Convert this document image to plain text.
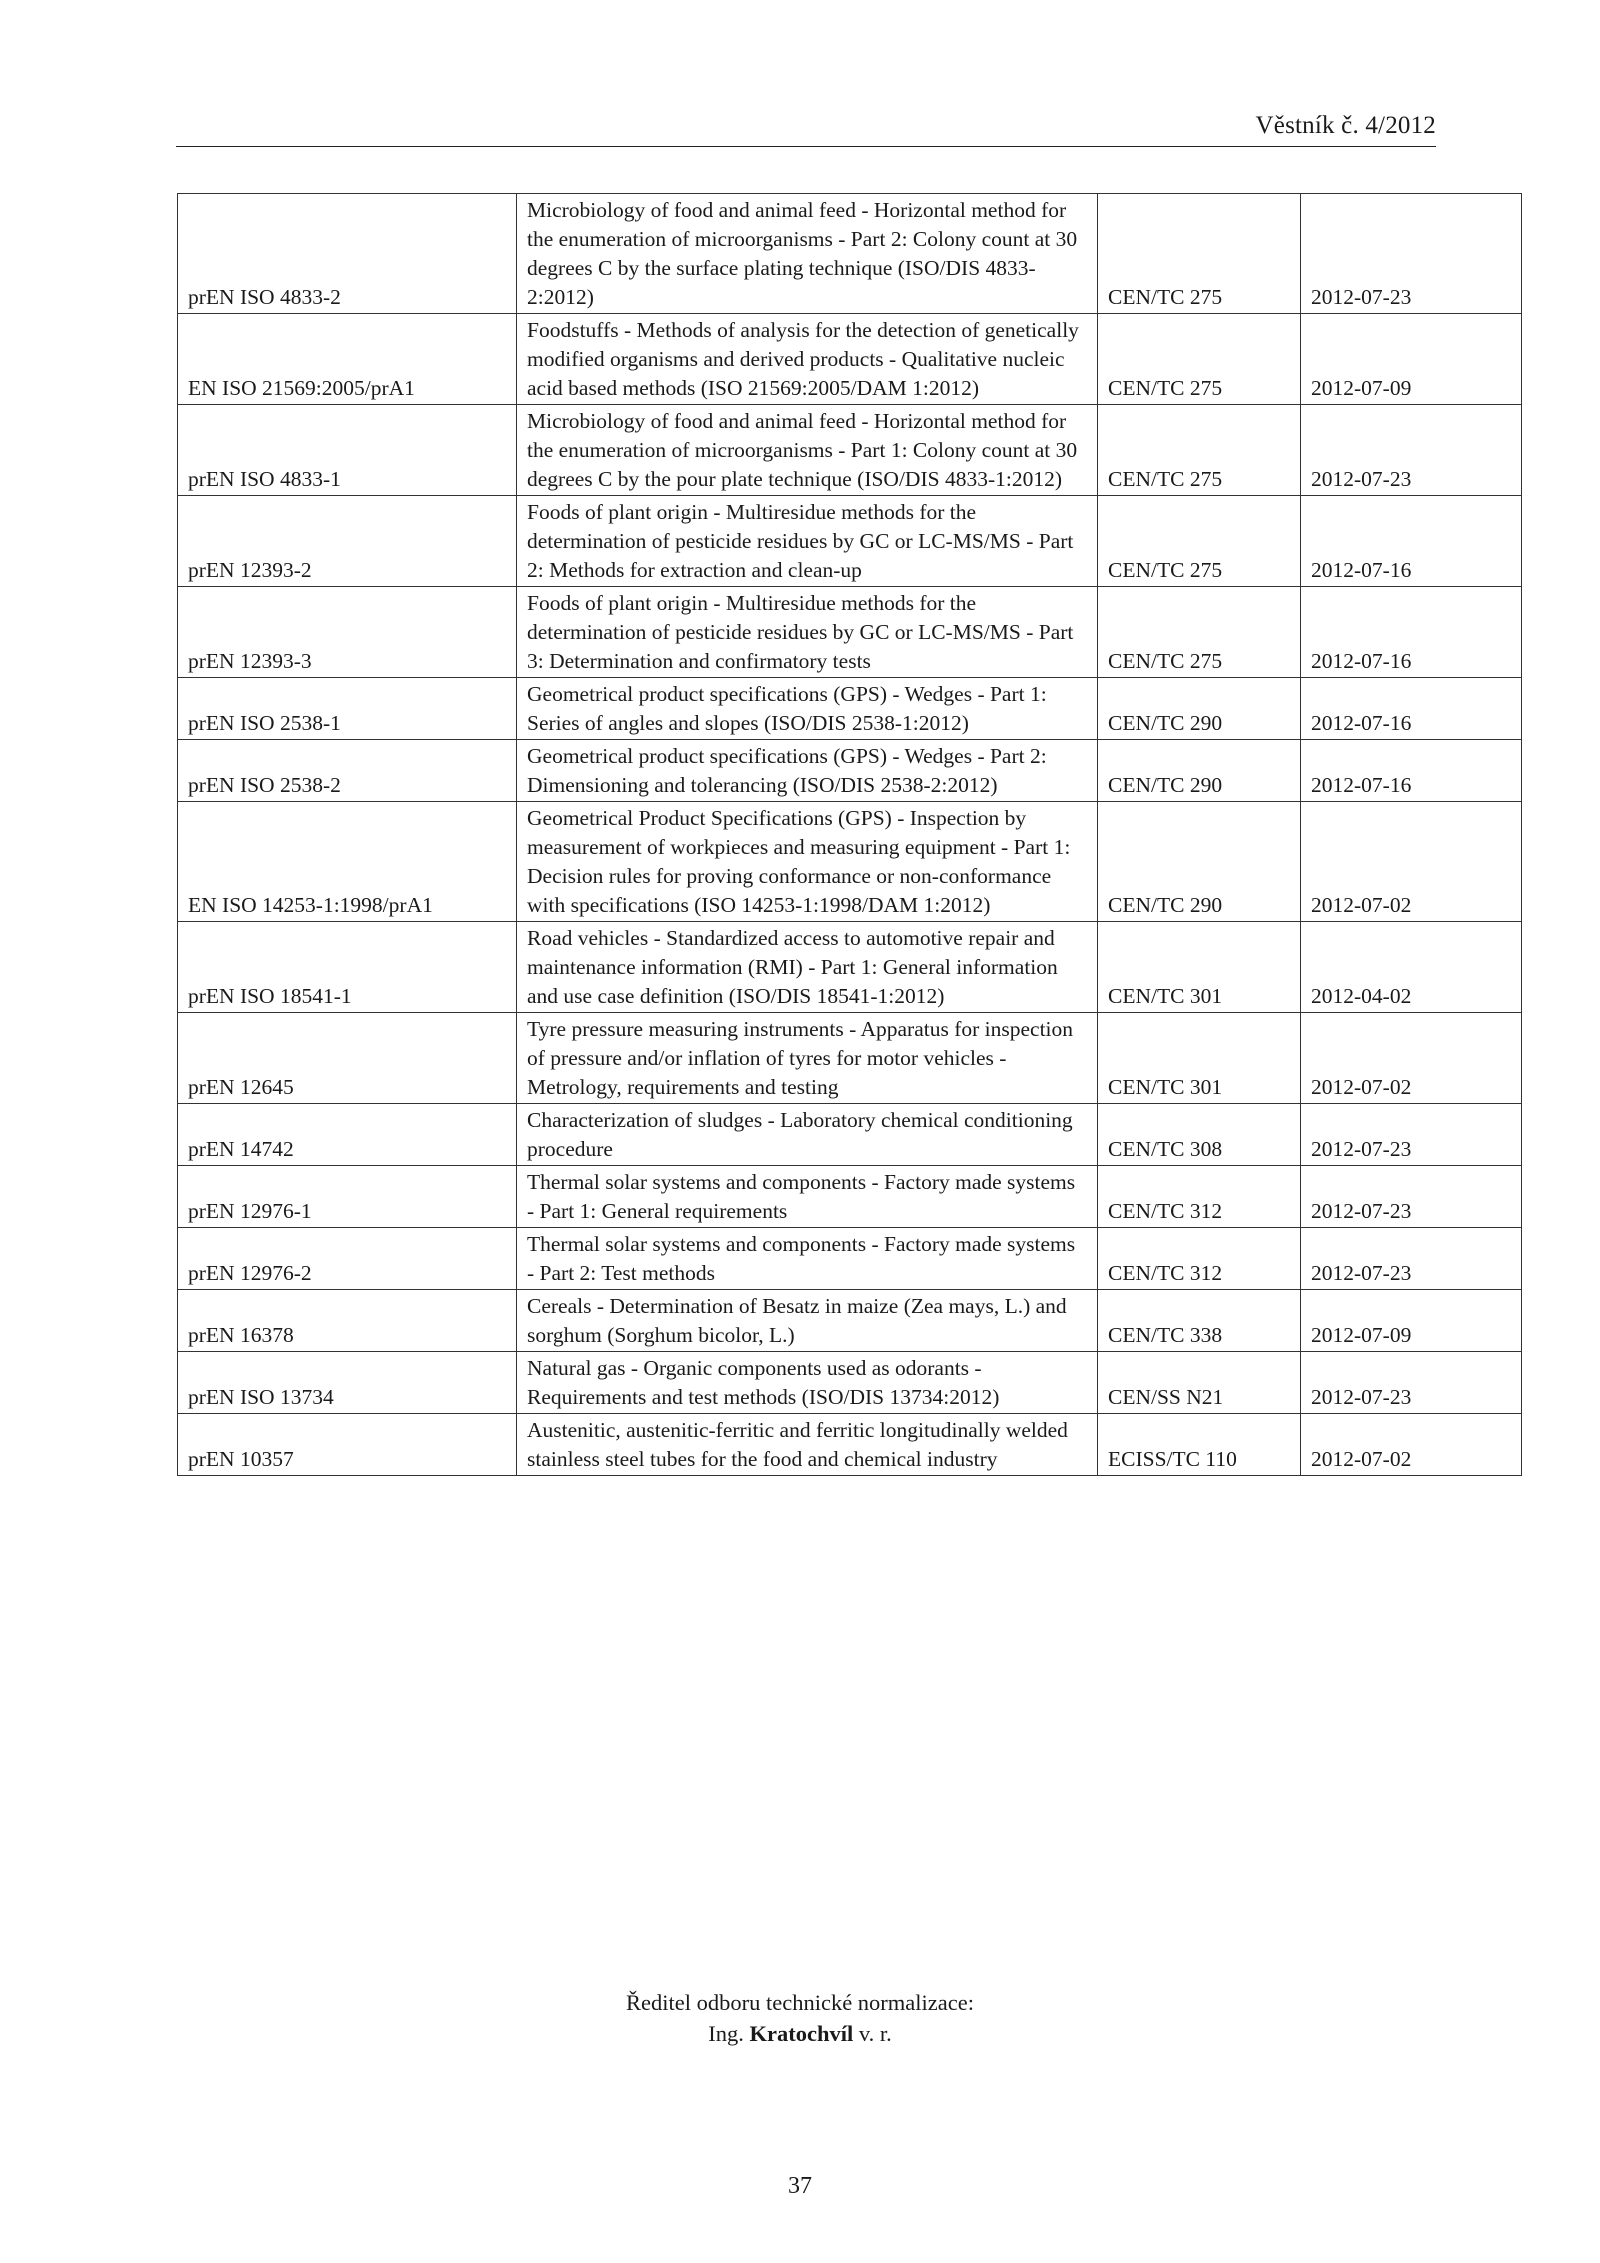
Věstník č. 4/2012
prEN ISO 4833-2	Microbiology of food and animal feed - Horizontal method for the enumeration of microorganisms - Part 2: Colony count at 30 degrees C by the surface plating technique (ISO/DIS 4833-2:2012)	CEN/TC 275	2012-07-23
EN ISO 21569:2005/prA1	Foodstuffs - Methods of analysis for the detection of genetically modified organisms and derived products - Qualitative nucleic acid based methods (ISO 21569:2005/DAM 1:2012)	CEN/TC 275	2012-07-09
prEN ISO 4833-1	Microbiology of food and animal feed - Horizontal method for the enumeration of microorganisms - Part 1: Colony count at 30 degrees C by the pour plate technique (ISO/DIS 4833-1:2012)	CEN/TC 275	2012-07-23
prEN 12393-2	Foods of plant origin - Multiresidue methods for the determination of pesticide residues by GC or LC-MS/MS - Part 2: Methods for extraction and clean-up	CEN/TC 275	2012-07-16
prEN 12393-3	Foods of plant origin - Multiresidue methods for the determination of pesticide residues by GC or LC-MS/MS - Part 3: Determination and confirmatory tests	CEN/TC 275	2012-07-16
prEN ISO 2538-1	Geometrical product specifications (GPS) - Wedges - Part 1: Series of angles and slopes (ISO/DIS 2538-1:2012)	CEN/TC 290	2012-07-16
prEN ISO 2538-2	Geometrical product specifications (GPS) - Wedges - Part 2: Dimensioning and tolerancing (ISO/DIS 2538-2:2012)	CEN/TC 290	2012-07-16
EN ISO 14253-1:1998/prA1	Geometrical Product Specifications (GPS) - Inspection by measurement of workpieces and measuring equipment - Part 1: Decision rules for proving conformance or non-conformance with specifications (ISO 14253-1:1998/DAM 1:2012)	CEN/TC 290	2012-07-02
prEN ISO 18541-1	Road vehicles - Standardized access to automotive repair and maintenance information (RMI) - Part 1: General information and use case definition (ISO/DIS 18541-1:2012)	CEN/TC 301	2012-04-02
prEN 12645	Tyre pressure measuring instruments - Apparatus for inspection of pressure and/or inflation of tyres for motor vehicles - Metrology, requirements and testing	CEN/TC 301	2012-07-02
prEN 14742	Characterization of sludges - Laboratory chemical conditioning procedure	CEN/TC 308	2012-07-23
prEN 12976-1	Thermal solar systems and components - Factory made systems - Part 1: General requirements	CEN/TC 312	2012-07-23
prEN 12976-2	Thermal solar systems and components - Factory made systems - Part 2: Test methods	CEN/TC 312	2012-07-23
prEN 16378	Cereals - Determination of Besatz in maize (Zea mays, L.) and sorghum (Sorghum bicolor, L.)	CEN/TC 338	2012-07-09
prEN ISO 13734	Natural gas - Organic components used as odorants - Requirements and test methods (ISO/DIS 13734:2012)	CEN/SS N21	2012-07-23
prEN 10357	Austenitic, austenitic-ferritic and ferritic longitudinally welded stainless steel tubes for the food and chemical industry	ECISS/TC 110	2012-07-02
Ředitel odboru technické normalizace:
Ing. Kratochvíl v. r.
37
